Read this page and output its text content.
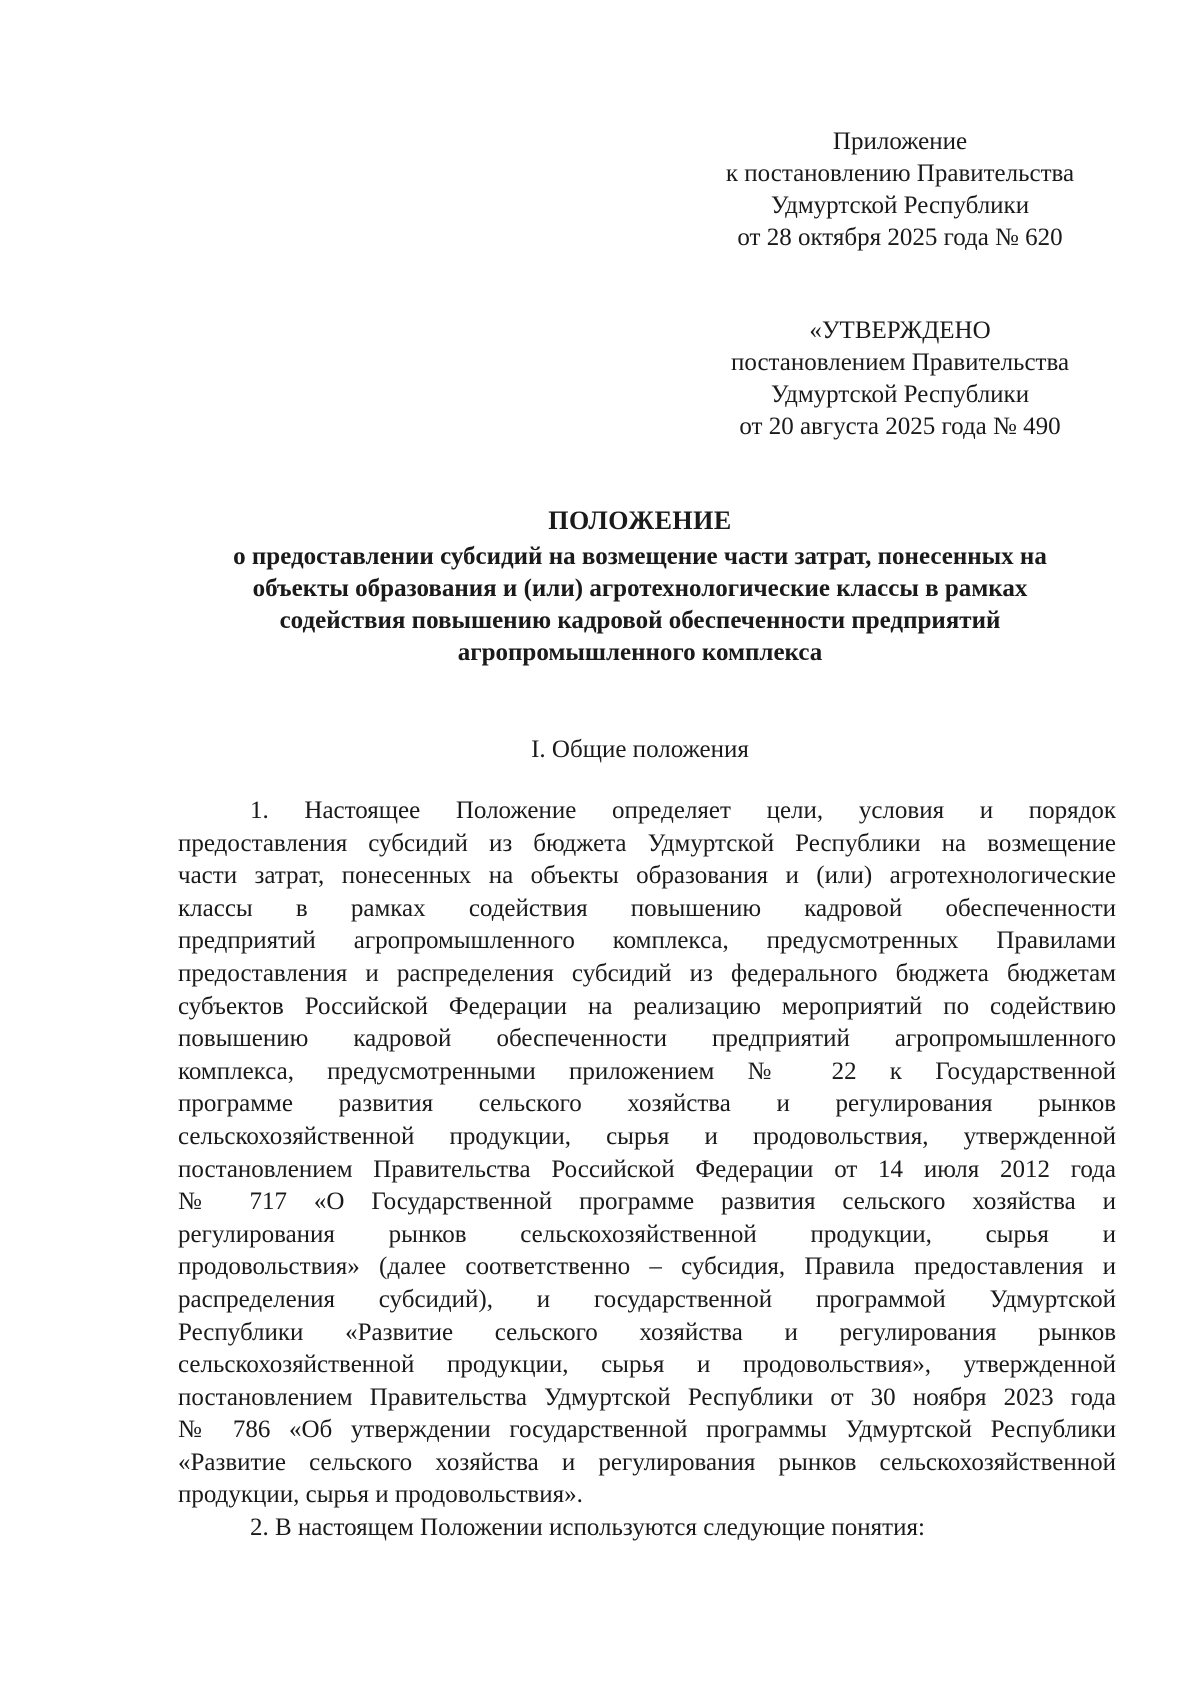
Приложение
к постановлению Правительства
Удмуртской Республики
от 28 октября 2025 года № 620
«УТВЕРЖДЕНО
постановлением Правительства
Удмуртской Республики
от 20 августа 2025 года № 490
ПОЛОЖЕНИЕ
о предоставлении субсидий на возмещение части затрат, понесенных на
объекты образования и (или) агротехнологические классы в рамках
содействия повышению кадровой обеспеченности предприятий
агропромышленного комплекса
I. Общие положения
1. Настоящее Положение определяет цели, условия и порядок
предоставления субсидий из бюджета Удмуртской Республики на возмещение
части затрат, понесенных на объекты образования и (или) агротехнологические
классы в рамках содействия повышению кадровой обеспеченности
предприятий агропромышленного комплекса, предусмотренных Правилами
предоставления и распределения субсидий из федерального бюджета бюджетам
субъектов Российской Федерации на реализацию мероприятий по содействию
повышению кадровой обеспеченности предприятий агропромышленного
комплекса, предусмотренными приложением № 22 к Государственной
программе развития сельского хозяйства и регулирования рынков
сельскохозяйственной продукции, сырья и продовольствия, утвержденной
постановлением Правительства Российской Федерации от 14 июля 2012 года
№ 717 «О Государственной программе развития сельского хозяйства и
регулирования рынков сельскохозяйственной продукции, сырья и
продовольствия» (далее соответственно – субсидия, Правила предоставления и
распределения субсидий), и государственной программой Удмуртской
Республики «Развитие сельского хозяйства и регулирования рынков
сельскохозяйственной продукции, сырья и продовольствия», утвержденной
постановлением Правительства Удмуртской Республики от 30 ноября 2023 года
№ 786 «Об утверждении государственной программы Удмуртской Республики
«Развитие сельского хозяйства и регулирования рынков сельскохозяйственной
продукции, сырья и продовольствия».
2. В настоящем Положении используются следующие понятия:
